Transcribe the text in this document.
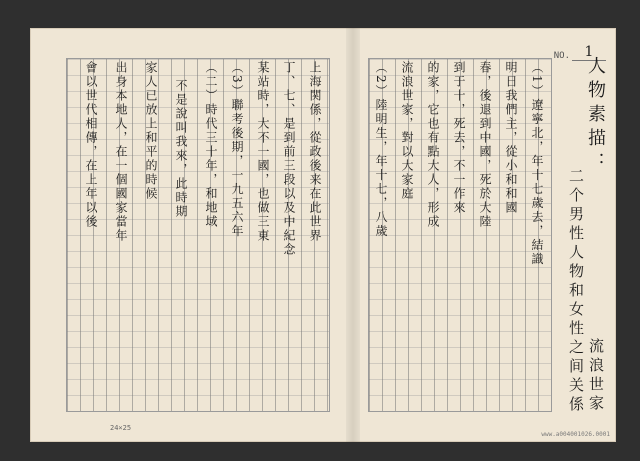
上海関係，從政後来在此世界
丁、七、是到前三段以及中紀念
某站時，大不一國，也做三東
（3）聯考後期，一九五六年
（二）時代三十年，和地域
不是說叫我來，此時期
家人已放上和平的時候
出身本地人，在一個國家當年
會以世代相傳，在上年以後
24×25
NO. 1
（1）遼寧北，年十七歲去，結識
明日我們主，從小和和國
春，後退到中國，死於大陸
到于十，死去，不一作來
的家，它也有點大人，形成
流浪世家，對以大家庭
（2）陸明生，年十七，八歲	人物素描：
二个男性人物和女性之间关係 流浪世家
www.a004001026.0001
